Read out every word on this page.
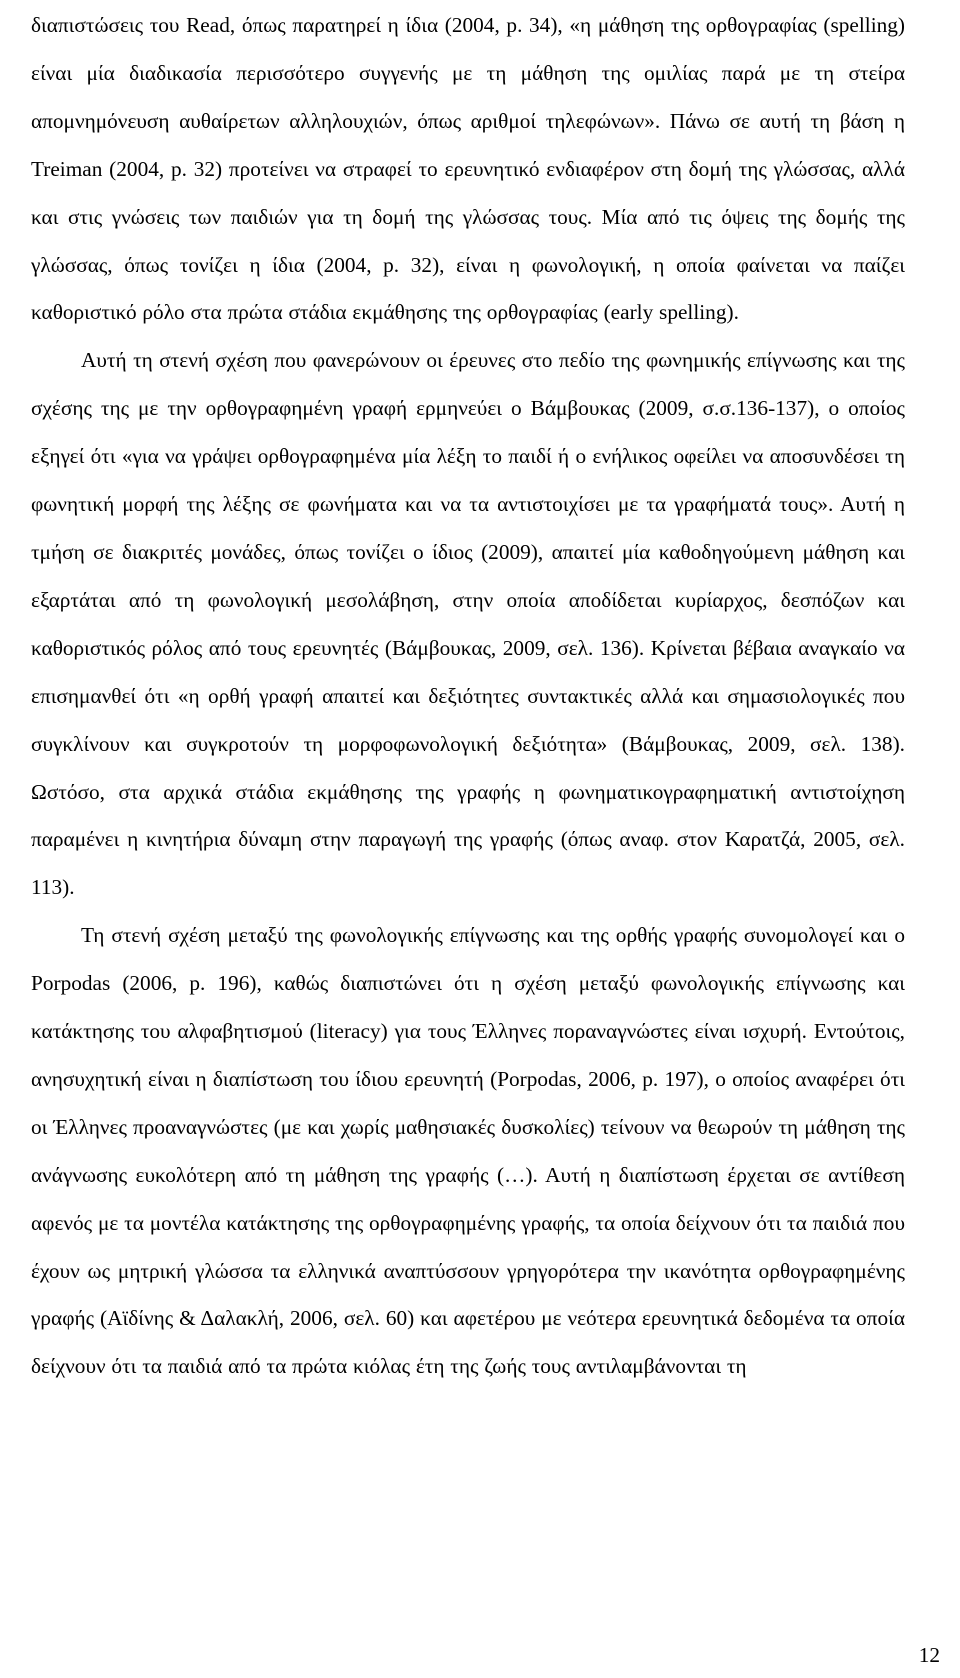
διαπιστώσεις του Read, όπως παρατηρεί η ίδια (2004, p. 34), «η μάθηση της ορθογραφίας (spelling) είναι μία διαδικασία περισσότερο συγγενής με τη μάθηση της ομιλίας παρά με τη στείρα απομνημόνευση αυθαίρετων αλληλουχιών, όπως αριθμοί τηλεφώνων». Πάνω σε αυτή τη βάση η Treiman (2004, p. 32) προτείνει να στραφεί το ερευνητικό ενδιαφέρον στη δομή της γλώσσας, αλλά και στις γνώσεις των παιδιών για τη δομή της γλώσσας τους. Μία από τις όψεις της δομής της γλώσσας, όπως τονίζει η ίδια (2004, p. 32), είναι η φωνολογική, η οποία φαίνεται να παίζει καθοριστικό ρόλο στα πρώτα στάδια εκμάθησης της ορθογραφίας (early spelling).

Αυτή τη στενή σχέση που φανερώνουν οι έρευνες στο πεδίο της φωνημικής επίγνωσης και της σχέσης της με την ορθογραφημένη γραφή ερμηνεύει ο Βάμβουκας (2009, σ.σ.136-137), ο οποίος εξηγεί ότι «για να γράψει ορθογραφημένα μία λέξη το παιδί ή ο ενήλικος οφείλει να αποσυνδέσει τη φωνητική μορφή της λέξης σε φωνήματα και να τα αντιστοιχίσει με τα γραφήματά τους». Αυτή η τμήση σε διακριτές μονάδες, όπως τονίζει ο ίδιος (2009), απαιτεί μία καθοδηγούμενη μάθηση και εξαρτάται από τη φωνολογική μεσολάβηση, στην οποία αποδίδεται κυρίαρχος, δεσπόζων και καθοριστικός ρόλος από τους ερευνητές (Βάμβουκας, 2009, σελ. 136). Κρίνεται βέβαια αναγκαίο να επισημανθεί ότι «η ορθή γραφή απαιτεί και δεξιότητες συντακτικές αλλά και σημασιολογικές που συγκλίνουν και συγκροτούν τη μορφοφωνολογική δεξιότητα» (Βάμβουκας, 2009, σελ. 138). Ωστόσο, στα αρχικά στάδια εκμάθησης της γραφής η φωνηματικογραφηματική αντιστοίχηση παραμένει η κινητήρια δύναμη στην παραγωγή της γραφής (όπως αναφ. στον Καρατζά, 2005, σελ. 113).

Τη στενή σχέση μεταξύ της φωνολογικής επίγνωσης και της ορθής γραφής συνομολογεί και ο Porpodas (2006, p. 196), καθώς διαπιστώνει ότι η σχέση μεταξύ φωνολογικής επίγνωσης και κατάκτησης του αλφαβητισμού (literacy) για τους Έλληνες ποραναγνώστες είναι ισχυρή. Εντούτοις, ανησυχητική είναι η διαπίστωση του ίδιου ερευνητή (Porpodas, 2006, p. 197), ο οποίος αναφέρει ότι οι Έλληνες προαναγνώστες (με και χωρίς μαθησιακές δυσκολίες) τείνουν να θεωρούν τη μάθηση της ανάγνωσης ευκολότερη από τη μάθηση της γραφής (…). Αυτή η διαπίστωση έρχεται σε αντίθεση αφενός με τα μοντέλα κατάκτησης της ορθογραφημένης γραφής, τα οποία δείχνουν ότι τα παιδιά που έχουν ως μητρική γλώσσα τα ελληνικά αναπτύσσουν γρηγορότερα την ικανότητα ορθογραφημένης γραφής (Αϊδίνης & Δαλακλή, 2006, σελ. 60) και αφετέρου με νεότερα ερευνητικά δεδομένα τα οποία δείχνουν ότι τα παιδιά από τα πρώτα κιόλας έτη της ζωής τους αντιλαμβάνονται τη

12
